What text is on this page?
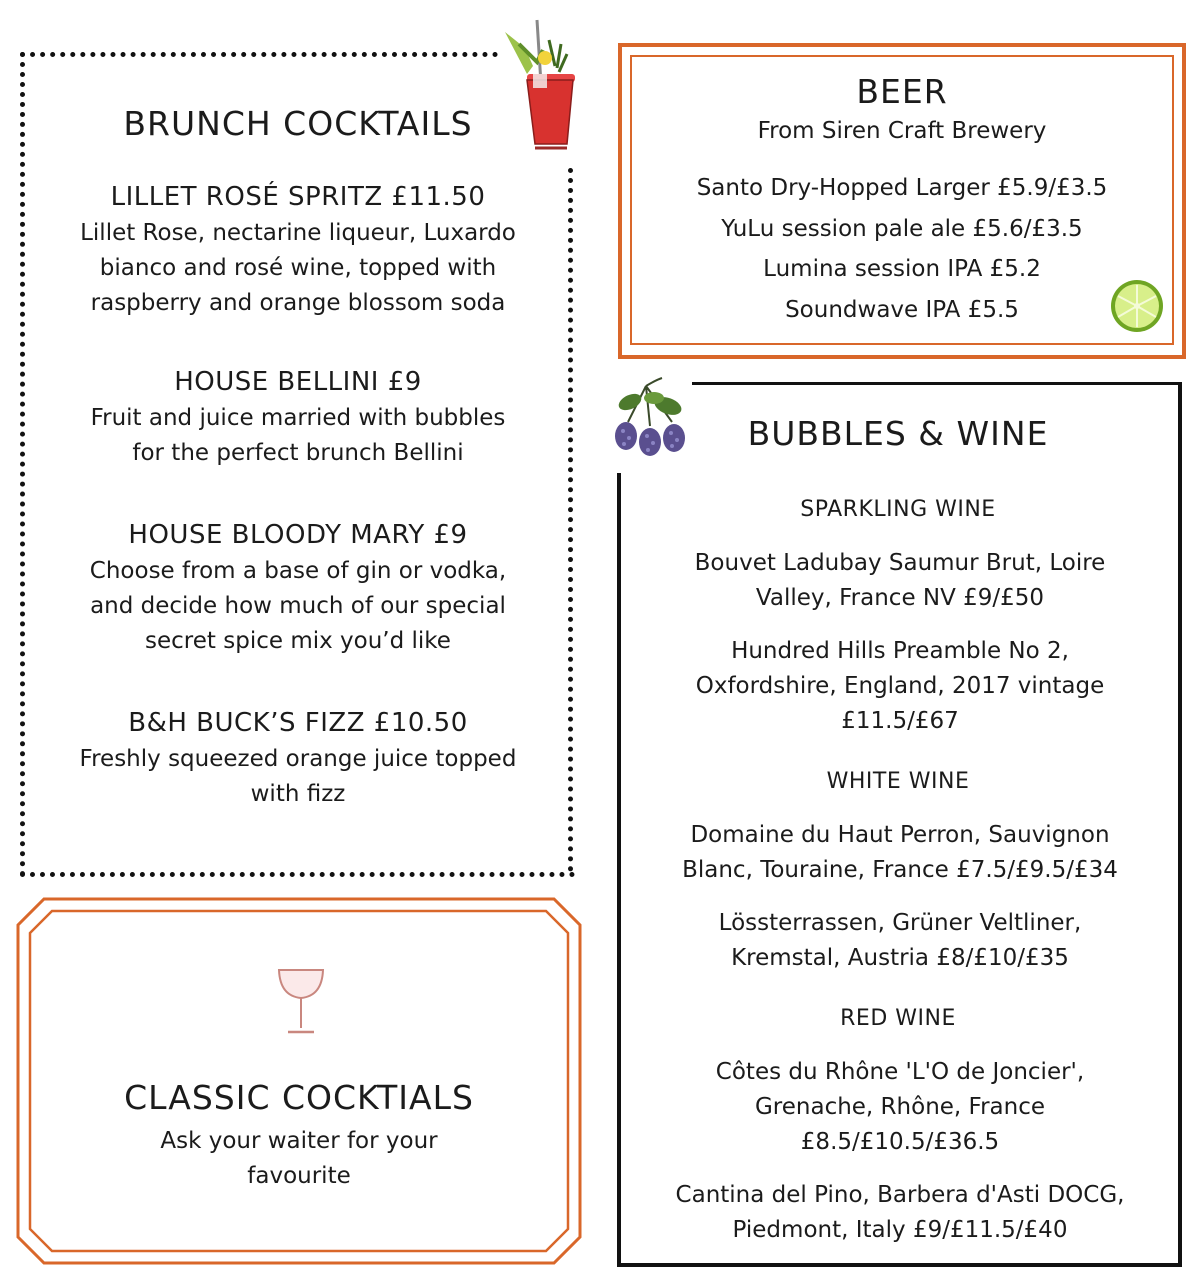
BRUNCH COCKTAILS
LILLET ROSÉ SPRITZ £11.50
Lillet Rose, nectarine liqueur, Luxardo
bianco and rosé wine, topped with
raspberry and orange blossom soda
HOUSE BELLINI £9
Fruit and juice married with bubbles
for the perfect brunch Bellini
HOUSE BLOODY MARY £9
Choose from a base of gin or vodka,
and decide how much of our special
secret spice mix you’d like
B&H BUCK’S FIZZ £10.50
Freshly squeezed orange juice topped
with fizz
CLASSIC COCKTIALS
Ask your waiter for your
favourite
BEER
From Siren Craft Brewery
Santo Dry-Hopped Larger £5.9/£3.5
YuLu session pale ale £5.6/£3.5
Lumina session IPA £5.2
Soundwave IPA £5.5
BUBBLES & WINE
SPARKLING WINE
Bouvet Ladubay Saumur Brut, Loire
Valley, France NV £9/£50
Hundred Hills Preamble No 2,
Oxfordshire, England, 2017 vintage
£11.5/£67
WHITE WINE
Domaine du Haut Perron, Sauvignon
Blanc, Touraine, France £7.5/£9.5/£34
Lössterrassen, Grüner Veltliner,
Kremstal, Austria £8/£10/£35
RED WINE
Côtes du Rhône 'L'O de Joncier',
Grenache, Rhône, France
£8.5/£10.5/£36.5
Cantina del Pino, Barbera d'Asti DOCG,
Piedmont, Italy £9/£11.5/£40
